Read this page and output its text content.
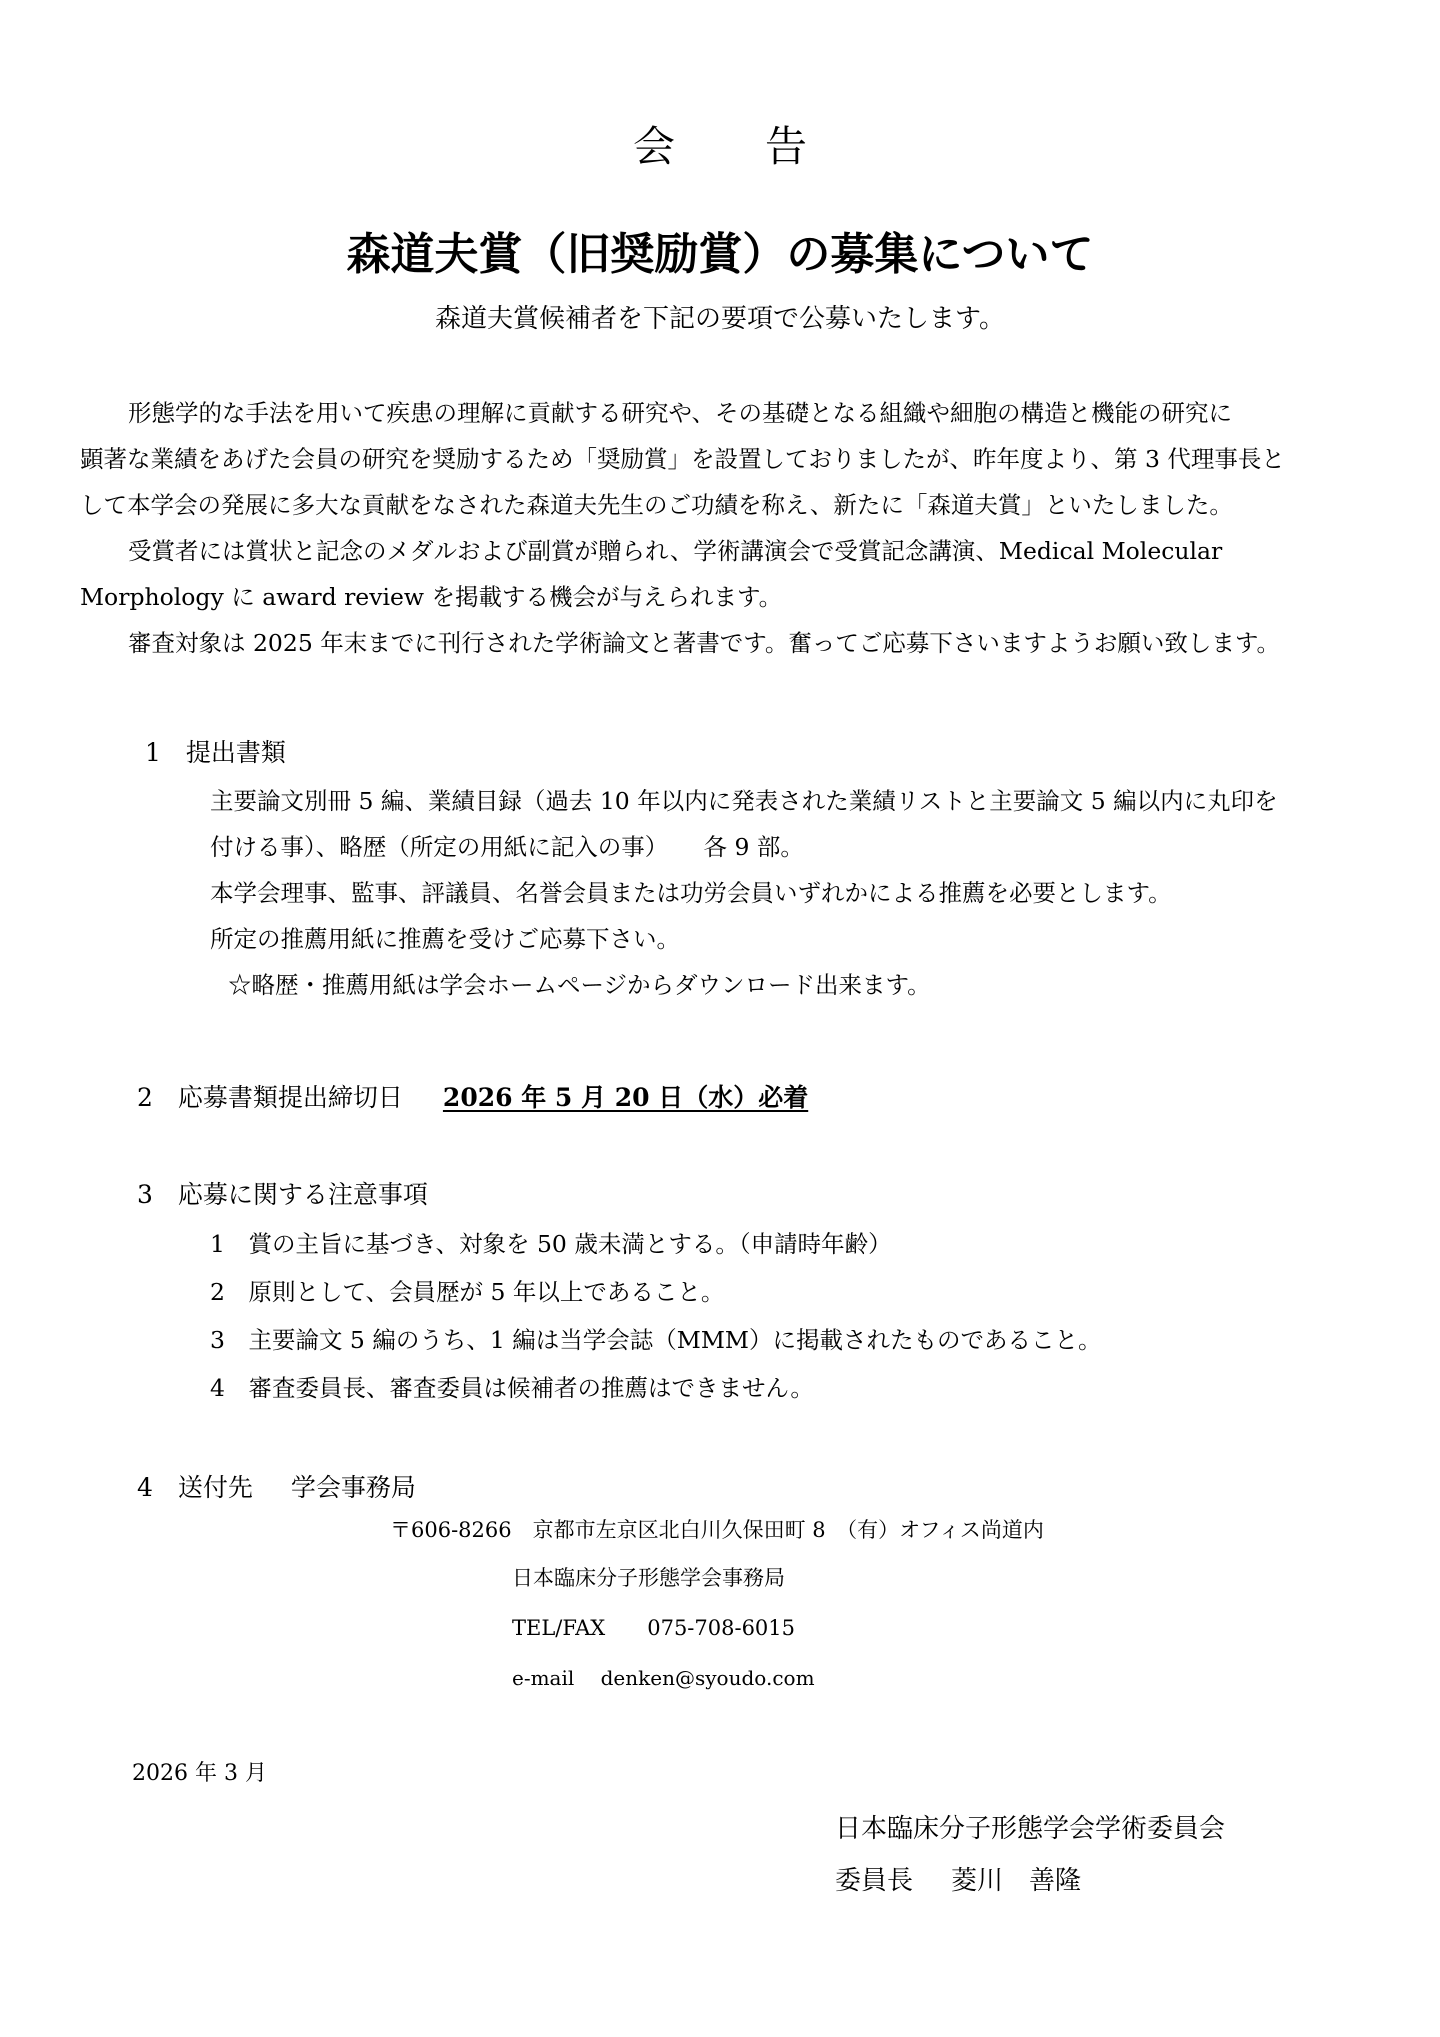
会告
森道夫賞（旧奨励賞）の募集について
森道夫賞候補者を下記の要項で公募いたします。
形態学的な手法を用いて疾患の理解に貢献する研究や、その基礎となる組織や細胞の構造と機能の研究に
顕著な業績をあげた会員の研究を奨励するため「奨励賞」を設置しておりましたが、昨年度より、第 3 代理事長と
して本学会の発展に多大な貢献をなされた森道夫先生のご功績を称え、新たに「森道夫賞」といたしました。
受賞者には賞状と記念のメダルおよび副賞が贈られ、学術講演会で受賞記念講演、Medical Molecular
Morphology に award review を掲載する機会が与えられます。
審査対象は 2025 年末までに刊行された学術論文と著書です。奮ってご応募下さいますようお願い致します。
1　提出書類
主要論文別冊 5 編、業績目録（過去 10 年以内に発表された業績リストと主要論文 5 編以内に丸印を
付ける事）、略歴（所定の用紙に記入の事）　　各 9 部。
本学会理事、監事、評議員、名誉会員または功労会員いずれかによる推薦を必要とします。
所定の推薦用紙に推薦を受けご応募下さい。
☆略歴・推薦用紙は学会ホームページからダウンロード出来ます。
2　応募書類提出締切日 2026 年 5 月 20 日（水）必着
3　応募に関する注意事項
1　賞の主旨に基づき、対象を 50 歳未満とする。（申請時年齢）
2　原則として、会員歴が 5 年以上であること。
3　主要論文 5 編のうち、1 編は当学会誌（MMM）に掲載されたものであること。
4　審査委員長、審査委員は候補者の推薦はできません。
4　送付先 学会事務局
〒606-8266　京都市左京区北白川久保田町 8　（有）オフィス尚道内
日本臨床分子形態学会事務局
TEL/FAX　　075-708-6015
e-mail　 denken@syoudo.com
2026 年 3 月
日本臨床分子形態学会学術委員会
委員長 菱川　善隆
